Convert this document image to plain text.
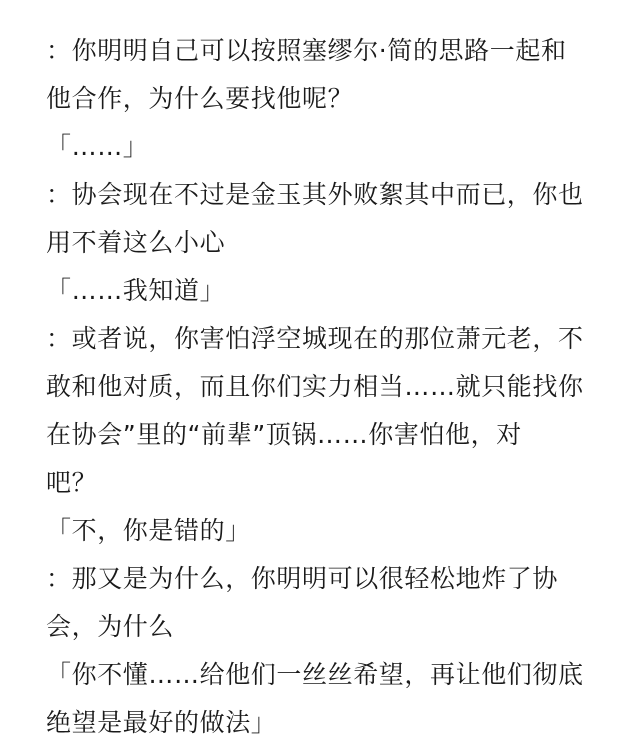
：你明明自己可以按照塞缪尔·简的思路一起和
他合作，为什么要找他呢？
「……」
：协会现在不过是金玉其外败絮其中而已，你也
用不着这么小心
「……我知道」
：或者说，你害怕浮空城现在的那位萧元老，不
敢和他对质，而且你们实力相当……就只能找你
在协会”里的“前辈”顶锅……你害怕他，对
吧？
「不，你是错的」
：那又是为什么，你明明可以很轻松地炸了协
会，为什么
「你不懂……给他们一丝丝希望，再让他们彻底
绝望是最好的做法」
